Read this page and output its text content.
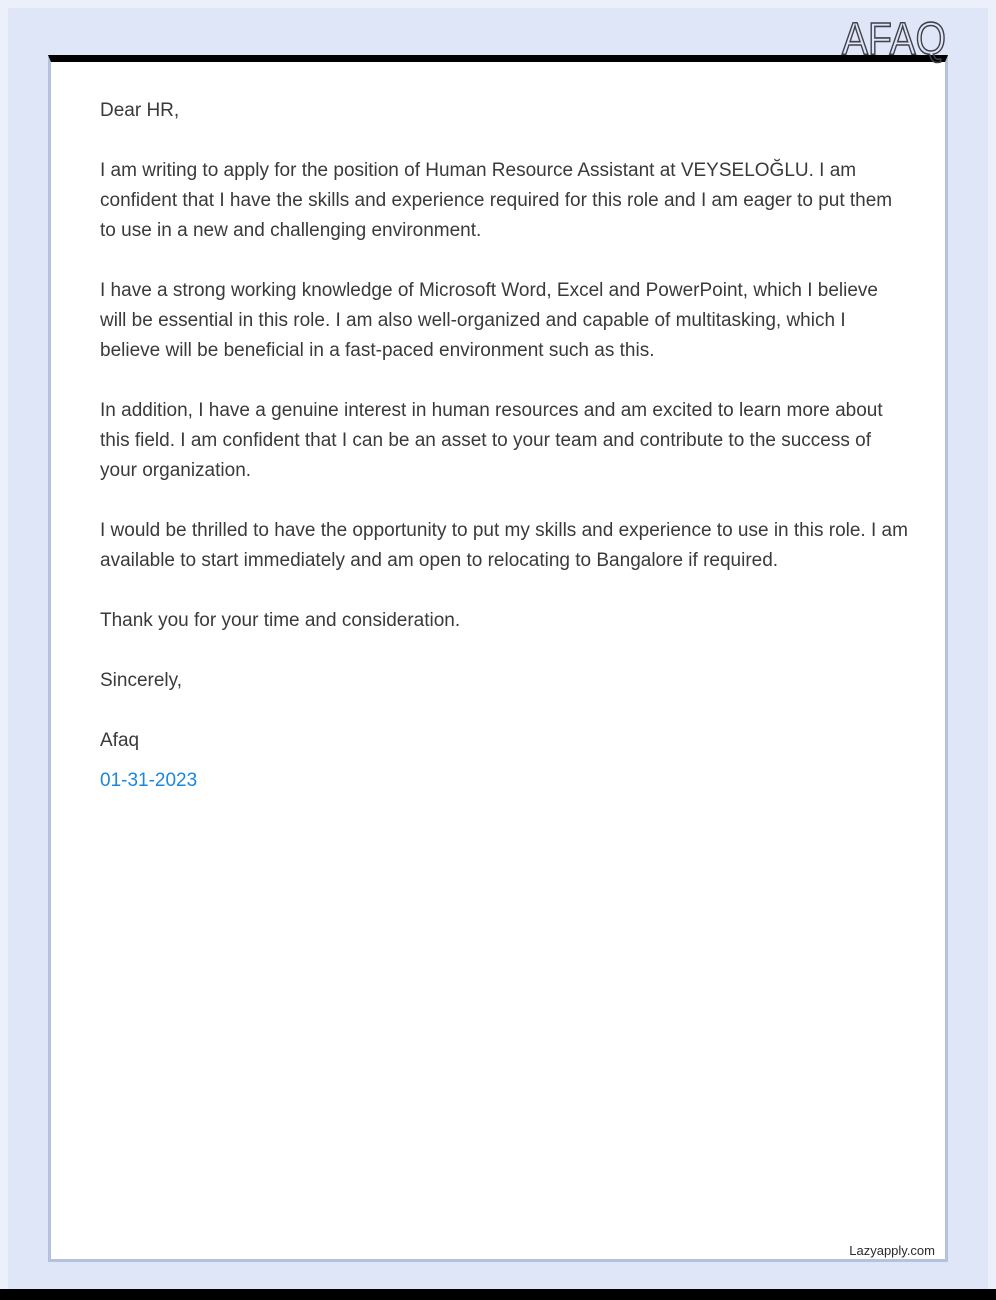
AFAQ

Dear HR,

I am writing to apply for the position of Human Resource Assistant at VEYSELOĞLU. I am confident that I have the skills and experience required for this role and I am eager to put them to use in a new and challenging environment.

I have a strong working knowledge of Microsoft Word, Excel and PowerPoint, which I believe will be essential in this role. I am also well-organized and capable of multitasking, which I believe will be beneficial in a fast-paced environment such as this.

In addition, I have a genuine interest in human resources and am excited to learn more about this field. I am confident that I can be an asset to your team and contribute to the success of your organization.

I would be thrilled to have the opportunity to put my skills and experience to use in this role. I am available to start immediately and am open to relocating to Bangalore if required.

Thank you for your time and consideration.

Sincerely,

Afaq

01-31-2023
Lazyapply.com
